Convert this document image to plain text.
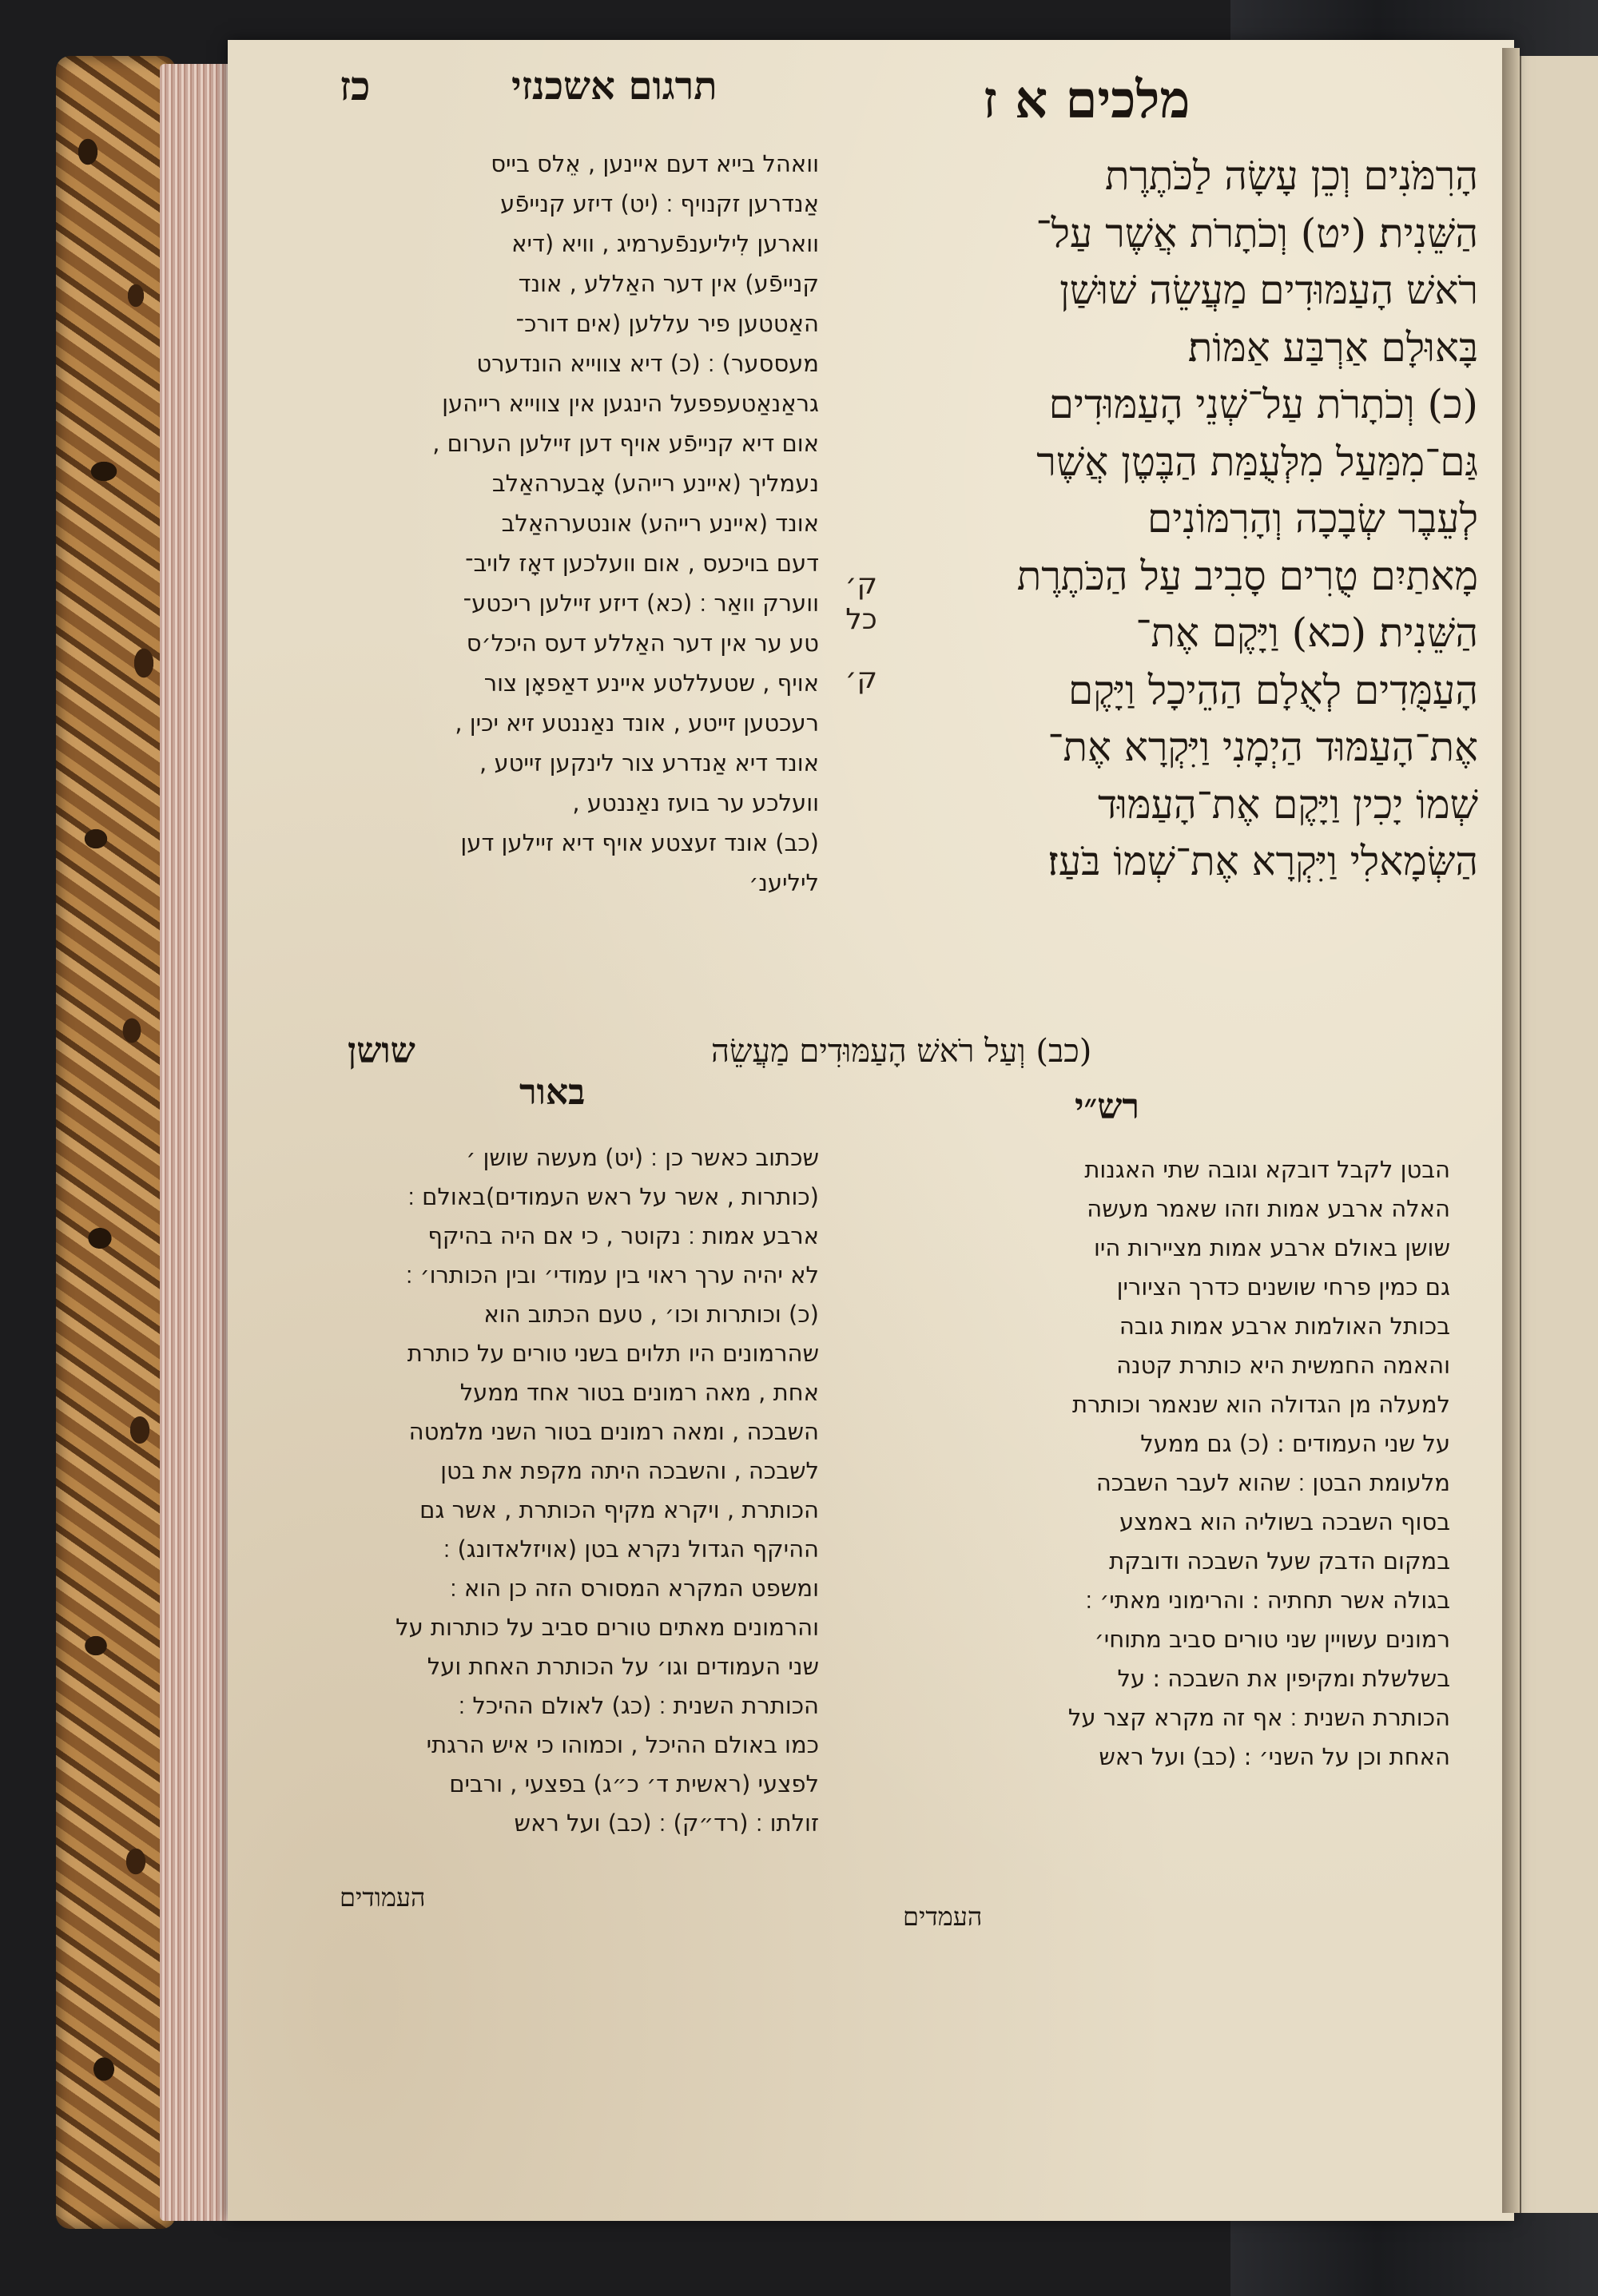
מלכים א ז
תרגום אשכנזי
כז

הָרִמֹּנִים וְכֵן עָשָׂה לַכֹּתֶרֶת

הַשֵּׁנִית׃ (יט) וְכֹתָרֹת אֲשֶׁר עַל־

רֹאשׁ הָעַמּוּדִים מַעֲשֵׂה שׁוּשַׁן

בָּאוּלָם אַרְבַּע אַמּוֹת׃

(כ) וְכֹתָרֹת עַל־שְׁנֵי הָעַמּוּדִים

גַּם־מִמַּעַל מִלְּעֻמַּת הַבֶּטֶן אֲשֶׁר

לְעֵבֶר שְׂבָכָה וְהָרִמּוֹנִים

מָאתַיִם טֻרִים סָבִיב עַל הַכֹּתֶרֶת

הַשֵּׁנִית׃ (כא) וַיָּקֶם אֶת־

הָעַמֻּדִים לְאֻלָם הַהֵיכָל וַיָּקֶם

אֶת־הָעַמּוּד הַיְמָנִי וַיִּקְרָא אֶת־

שְׁמוֹ יָכִין וַיָּקֶם אֶת־הָעַמּוּד

הַשְּׂמָאלִי וַיִּקְרָא אֶת־שְׁמוֹ בֹּעַז׃

ק׳
כל
ק׳

וואהל בייא דעם איינען , אֵלס בייס

אַנדרען זקנויף ׃ (יט) דיזע קנייפֿע

ווארען לִיליענפֿערמיג , וויא (דיא

קנייפֿע) אין דער האַללע , אונד

האַטטען פיר עללען (אים דורכ־

מעססער) ׃ (כ) דיא צווייא הונדערט

גראַנאַטעפפעל הינגען אין צווייא רייהען

אום דיא קנייפֿע אויף דען זיילען הערום ,

נעמליך (איינע רייהע) אָבערהאַלב

אונד (איינע רייהע) אונטערהאַלב

דעם בויכעס , אום וועלכען דאָז לויב־

ווערק וואַר ׃ (כא) דיזע זיילען ריכטע־

טע ער אין דער האַללע דעס היכל׳ס

אויף , שטעללטע איינע דאַפאָן צור

רעכטען זייטע , אונד נאַננטע זיא יכין ,

אונד דיא אַנדרע צור לינקען זייטע ,

וועלכע ער בועז נאַננטע ,

(כב) אונד זעצטע אויף דיא זיילען דען

ליליענ׳

(כב) וְעַל רֹאשׁ הָעַמּוּדִים מַעֲשֵׂה
שושן
רש״י
באור

הבטן לקבל דובקא וגובה שתי האגנות

האלה ארבע אמות וזהו שאמר מעשה

שושן באולם ארבע אמות מציירות היו

גם כמין פרחי שושנים כדרך הציורין

בכותל האולמות ארבע אמות גובה

והאמה החמשית היא כותרת קטנה

למעלה מן הגדולה הוא שנאמר וכותרת

על שני העמודים : (כ) גם ממעל

מלעומת הבטן ׃ שהוא לעבר השבכה

בסוף השבכה בשוליה הוא באמצע

במקום הדבק שעל השבכה ודובקת

בגולה אשר תחתיה : והרימוני מאתי׳ ׃

רמונים עשויין שני טורים סביב מתוחי׳

בשלשלת ומקיפין את השבכה : על

הכותרת השנית ׃ אף זה מקרא קצר על

האחת וכן על השני׳ : (כב) ועל ראש

העמדים

שכתוב כאשר כן ׃ (יט) מעשה שושן ׳

(כותרות , אשר על ראש העמודים)באולם ׃

ארבע אמות ׃ נקוטר , כי אם היה בהיקף

לא יהיה ערך ראוי בין עמודי׳ ובין הכותרו׳ ׃

(כ) וכותרות וכו׳ , טעם הכתוב הוא

שהרמונים היו תלוים בשני טורים על כותרת

אחת , מאה רמונים בטור אחד ממעל

השבכה , ומאה רמונים בטור השני מלמטה

לשבכה , והשבכה היתה מקפת את בטן

הכותרת , ויקרא מקיף הכותרת , אשר גם

ההיקף הגדול נקרא בטן (אויזלאדונג) ׃

ומשפט המקרא המסורס הזה כן הוא ׃

והרמונים מאתים טורים סביב על כותרות על

שני העמודים וגו׳ על הכותרת האחת ועל

הכותרת השנית ׃ (כג) לאולם ההיכל ׃

כמו באולם ההיכל , וכמוהו כי איש הרגתי

לפצעי (ראשית ד׳ כ״ג) בפצעי , ורבים

זולתו ׃ (רד״ק) ׃ (כב) ועל ראש

העמודים
